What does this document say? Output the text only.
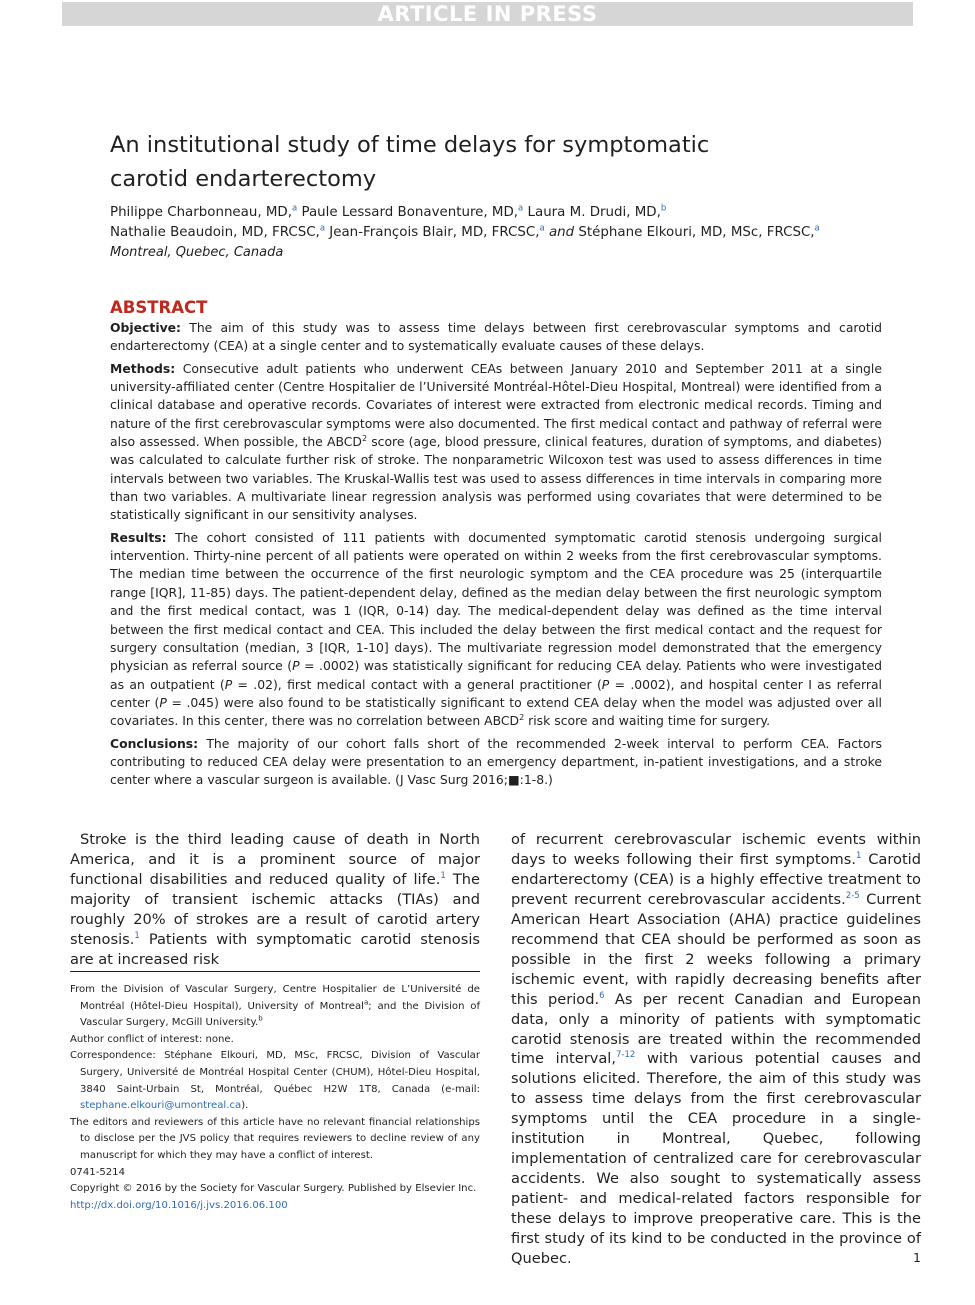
ARTICLE IN PRESS
An institutional study of time delays for symptomatic
carotid endarterectomy
Philippe Charbonneau, MD,$^a$ Paule Lessard Bonaventure, MD,$^a$ Laura M. Drudi, MD,$^b$
Nathalie Beaudoin, MD, FRCSC,$^a$ Jean-François Blair, MD, FRCSC,$^a$ and Stéphane Elkouri, MD, MSc, FRCSC,$^a$
Montreal, Quebec, Canada
ABSTRACT

Objective: The aim of this study was to assess time delays between first cerebrovascular symptoms and carotid endarterectomy (CEA) at a single center and to systematically evaluate causes of these delays.

Methods: Consecutive adult patients who underwent CEAs between January 2010 and September 2011 at a single university-affiliated center (Centre Hospitalier de l’Université Montréal-Hôtel-Dieu Hospital, Montreal) were identified from a clinical database and operative records. Covariates of interest were extracted from electronic medical records. Timing and nature of the first cerebrovascular symptoms were also documented. The first medical contact and pathway of referral were also assessed. When possible, the ABCD$^2$ score (age, blood pressure, clinical features, duration of symptoms, and diabetes) was calculated to calculate further risk of stroke. The nonparametric Wilcoxon test was used to assess differences in time intervals between two variables. The Kruskal-Wallis test was used to assess differences in time intervals in comparing more than two variables. A multivariate linear regression analysis was performed using covariates that were determined to be statistically significant in our sensitivity analyses.

Results: The cohort consisted of 111 patients with documented symptomatic carotid stenosis undergoing surgical intervention. Thirty-nine percent of all patients were operated on within 2 weeks from the first cerebrovascular symptoms. The median time between the occurrence of the first neurologic symptom and the CEA procedure was 25 (interquartile range [IQR], 11-85) days. The patient-dependent delay, defined as the median delay between the first neurologic symptom and the first medical contact, was 1 (IQR, 0-14) day. The medical-dependent delay was defined as the time interval between the first medical contact and CEA. This included the delay between the first medical contact and the request for surgery consultation (median, 3 [IQR, 1-10] days). The multivariate regression model demonstrated that the emergency physician as referral source (P = .0002) was statistically significant for reducing CEA delay. Patients who were investigated as an outpatient (P = .02), first medical contact with a general practitioner (P = .0002), and hospital center I as referral center (P = .045) were also found to be statistically significant to extend CEA delay when the model was adjusted over all covariates. In this center, there was no correlation between ABCD$^2$ risk score and waiting time for surgery.

Conclusions: The majority of our cohort falls short of the recommended 2-week interval to perform CEA. Factors contributing to reduced CEA delay were presentation to an emergency department, in-patient investigations, and a stroke center where a vascular surgeon is available. (J Vasc Surg 2016;■:1-8.)

Stroke is the third leading cause of death in North America, and it is a prominent source of major functional disabilities and reduced quality of life.$^1$ The majority of transient ischemic attacks (TIAs) and roughly 20% of strokes are a result of carotid artery stenosis.$^1$ Patients with symptomatic carotid stenosis are at increased risk

From the Division of Vascular Surgery, Centre Hospitalier de L’Université de Montréal (Hôtel-Dieu Hospital), University of Montreal$^a$; and the Division of Vascular Surgery, McGill University.$^b$

Author conflict of interest: none.

Correspondence: Stéphane Elkouri, MD, MSc, FRCSC, Division of Vascular Surgery, Université de Montréal Hospital Center (CHUM), Hôtel-Dieu Hospital, 3840 Saint-Urbain St, Montréal, Québec H2W 1T8, Canada (e-mail: stephane.elkouri@umontreal.ca).

The editors and reviewers of this article have no relevant financial relationships to disclose per the JVS policy that requires reviewers to decline review of any manuscript for which they may have a conflict of interest.

0741-5214

Copyright © 2016 by the Society for Vascular Surgery. Published by Elsevier Inc.

http://dx.doi.org/10.1016/j.jvs.2016.06.100

of recurrent cerebrovascular ischemic events within days to weeks following their first symptoms.$^1$ Carotid endarterectomy (CEA) is a highly effective treatment to prevent recurrent cerebrovascular accidents.$^{2-5}$ Current American Heart Association (AHA) practice guidelines recommend that CEA should be performed as soon as possible in the first 2 weeks following a primary ischemic event, with rapidly decreasing benefits after this period.$^6$ As per recent Canadian and European data, only a minority of patients with symptomatic carotid stenosis are treated within the recommended time interval,$^{7-12}$ with various potential causes and solutions elicited. Therefore, the aim of this study was to assess time delays from the first cerebrovascular symptoms until the CEA procedure in a single-institution in Montreal, Quebec, following implementation of centralized care for cerebrovascular accidents. We also sought to systematically assess patient- and medical-related factors responsible for these delays to improve preoperative care. This is the first study of its kind to be conducted in the province of Quebec.	1
